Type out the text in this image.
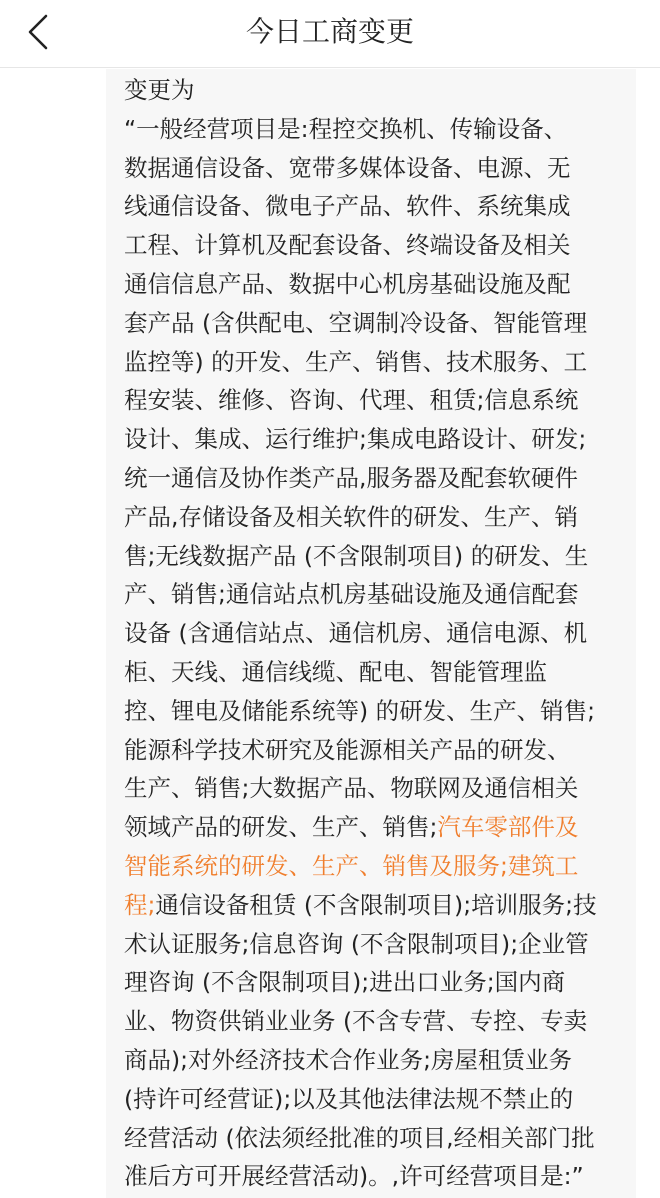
今日工商变更
变更为
“一般经营项目是:程控交换机、传输设备、
数据通信设备、宽带多媒体设备、电源、无
线通信设备、微电子产品、软件、系统集成
工程、计算机及配套设备、终端设备及相关
通信信息产品、数据中心机房基础设施及配
套产品 (含供配电、空调制冷设备、智能管理
监控等) 的开发、生产、销售、技术服务、工
程安装、维修、咨询、代理、租赁;信息系统
设计、集成、运行维护;集成电路设计、研发;
统一通信及协作类产品,服务器及配套软硬件
产品,存储设备及相关软件的研发、生产、销
售;无线数据产品 (不含限制项目) 的研发、生
产、销售;通信站点机房基础设施及通信配套
设备 (含通信站点、通信机房、通信电源、机
柜、天线、通信线缆、配电、智能管理监
控、锂电及储能系统等) 的研发、生产、销售;
能源科学技术研究及能源相关产品的研发、
生产、销售;大数据产品、物联网及通信相关
领域产品的研发、生产、销售;汽车零部件及
智能系统的研发、生产、销售及服务;建筑工
程;通信设备租赁 (不含限制项目);培训服务;技
术认证服务;信息咨询 (不含限制项目);企业管
理咨询 (不含限制项目);进出口业务;国内商
业、物资供销业业务 (不含专营、专控、专卖
商品);对外经济技术合作业务;房屋租赁业务
(持许可经营证);以及其他法律法规不禁止的
经营活动 (依法须经批准的项目,经相关部门批
准后方可开展经营活动)。,许可经营项目是:”
